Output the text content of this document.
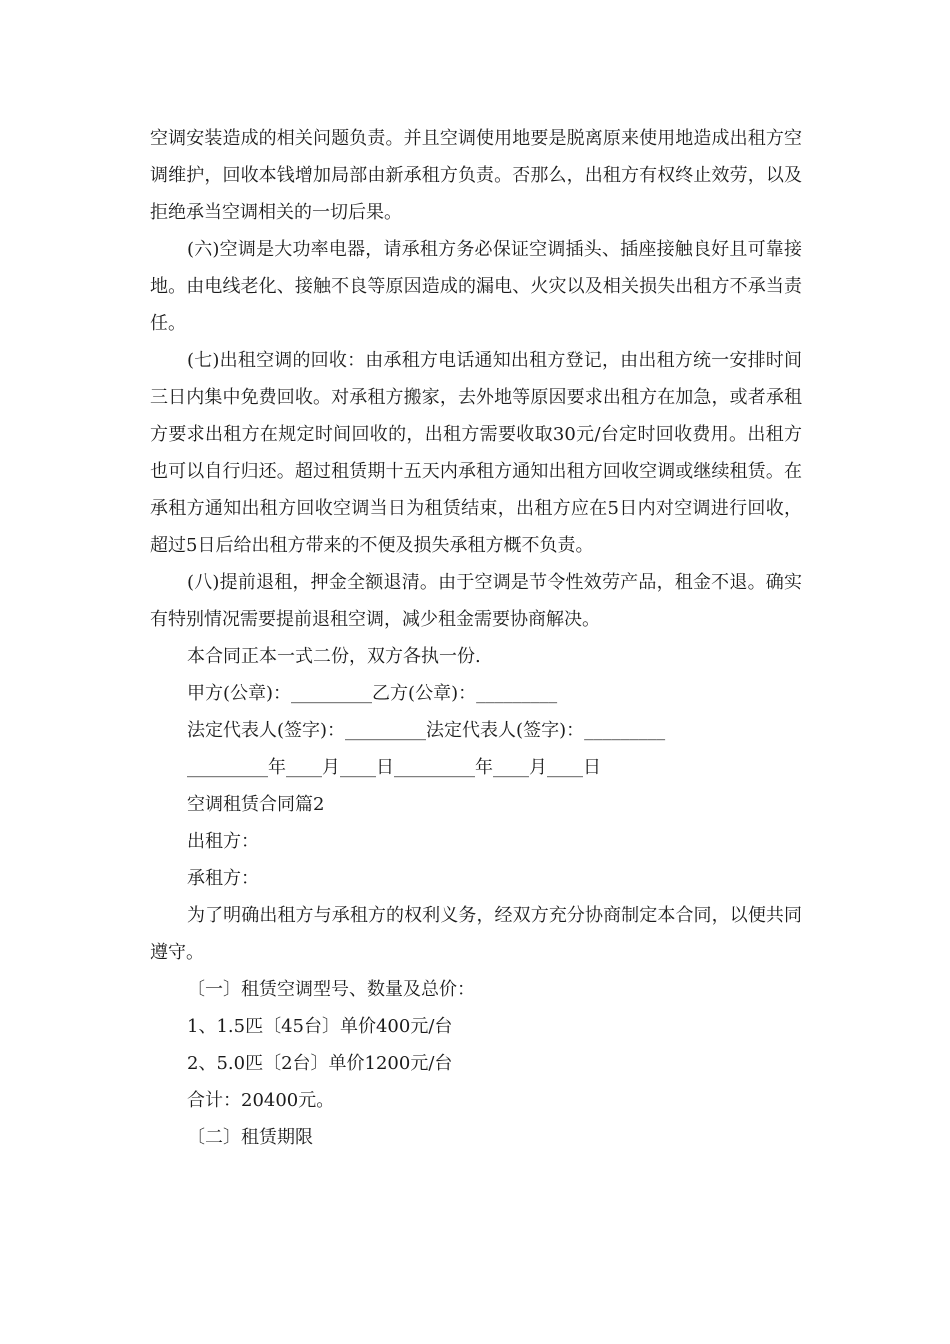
空调安装造成的相关问题负责。并且空调使用地要是脱离原来使用地造成出租方空调维护，回收本钱增加局部由新承租方负责。否那么，出租方有权终止效劳，以及拒绝承当空调相关的一切后果。

(六)空调是大功率电器，请承租方务必保证空调插头、插座接触良好且可靠接地。由电线老化、接触不良等原因造成的漏电、火灾以及相关损失出租方不承当责任。

(七)出租空调的回收：由承租方电话通知出租方登记，由出租方统一安排时间三日内集中免费回收。对承租方搬家，去外地等原因要求出租方在加急，或者承租方要求出租方在规定时间回收的，出租方需要收取30元/台定时回收费用。出租方也可以自行归还。超过租赁期十五天内承租方通知出租方回收空调或继续租赁。在承租方通知出租方回收空调当日为租赁结束，出租方应在5日内对空调进行回收，超过5日后给出租方带来的不便及损失承租方概不负责。

(八)提前退租，押金全额退清。由于空调是节令性效劳产品，租金不退。确实有特别情况需要提前退租空调，减少租金需要协商解决。

本合同正本一式二份，双方各执一份.

甲方(公章)：_________乙方(公章)：_________

法定代表人(签字)：_________法定代表人(签字)：_________

_________年____月____日_________年____月____日

空调租赁合同篇2

出租方：

承租方：

为了明确出租方与承租方的权利义务，经双方充分协商制定本合同，以便共同遵守。

〔一〕租赁空调型号、数量及总价：

1、1.5匹〔45台〕单价400元/台

2、5.0匹〔2台〕单价1200元/台

合计：20400元。

〔二〕租赁期限
